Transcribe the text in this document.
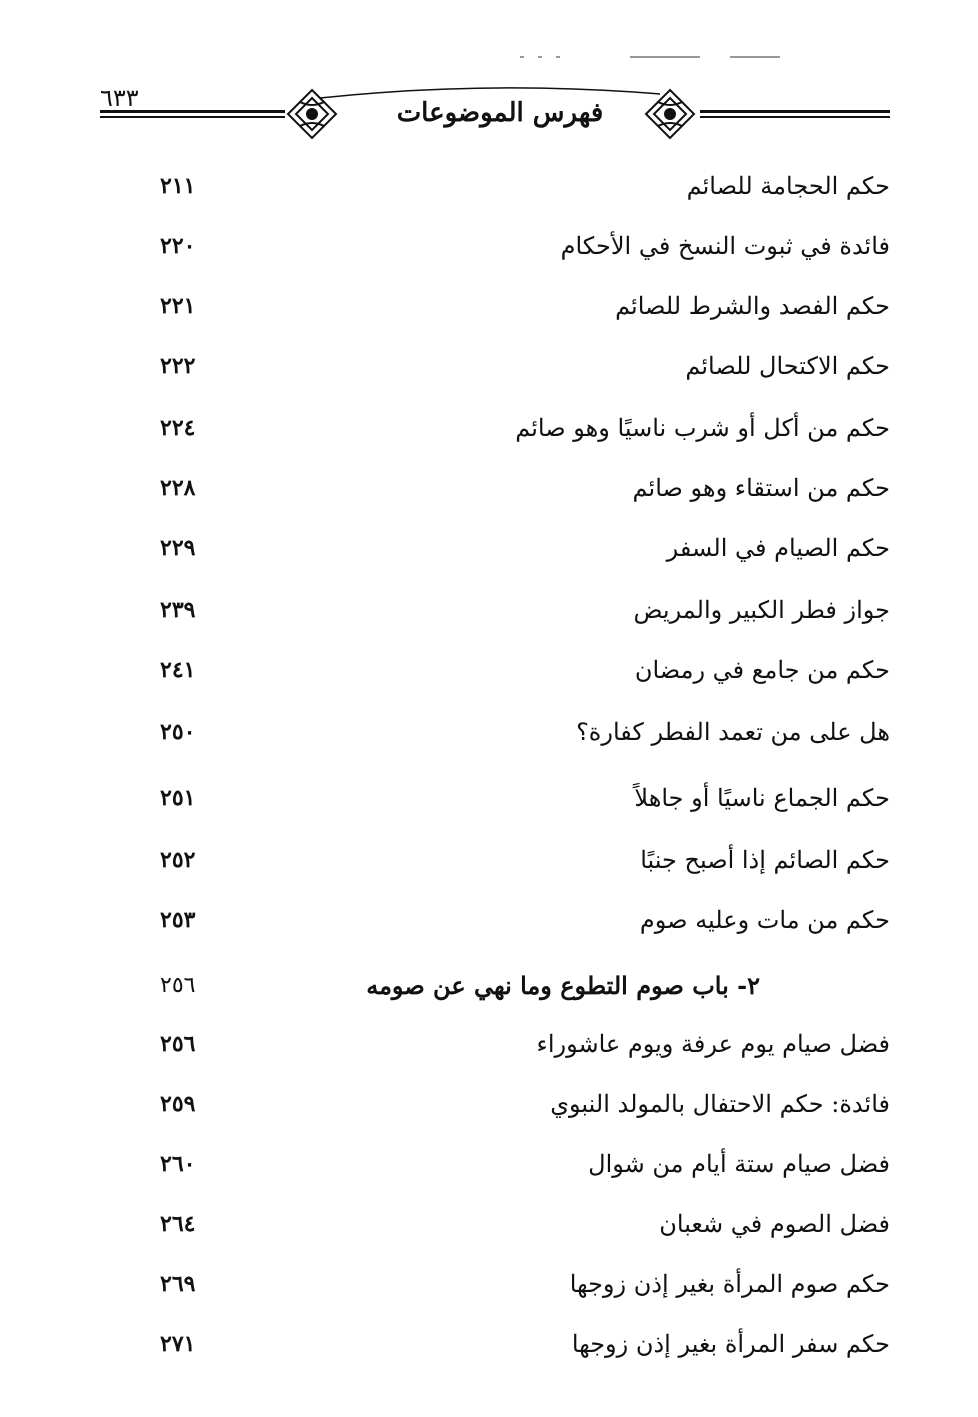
٦٣٣	فهرس الموضوعات
حكم الحجامة للصائم
٢١١
فائدة في ثبوت النسخ في الأحكام
٢٢٠
حكم الفصد والشرط للصائم
٢٢١
حكم الاكتحال للصائم
٢٢٢
حكم من أكل أو شرب ناسيًا وهو صائم
٢٢٤
حكم من استقاء وهو صائم
٢٢٨
حكم الصيام في السفر
٢٢٩
جواز فطر الكبير والمريض
٢٣٩
حكم من جامع في رمضان
٢٤١
هل على من تعمد الفطر كفارة؟
٢٥٠
حكم الجماع ناسيًا أو جاهلاً
٢٥١
حكم الصائم إذا أصبح جنبًا
٢٥٢
حكم من مات وعليه صوم
٢٥٣
٢- باب صوم التطوع وما نهي عن صومه
٢٥٦
فضل صيام يوم عرفة ويوم عاشوراء
٢٥٦
فائدة: حكم الاحتفال بالمولد النبوي
٢٥٩
فضل صيام ستة أيام من شوال
٢٦٠
فضل الصوم في شعبان
٢٦٤
حكم صوم المرأة بغير إذن زوجها
٢٦٩
حكم سفر المرأة بغير إذن زوجها
٢٧١
